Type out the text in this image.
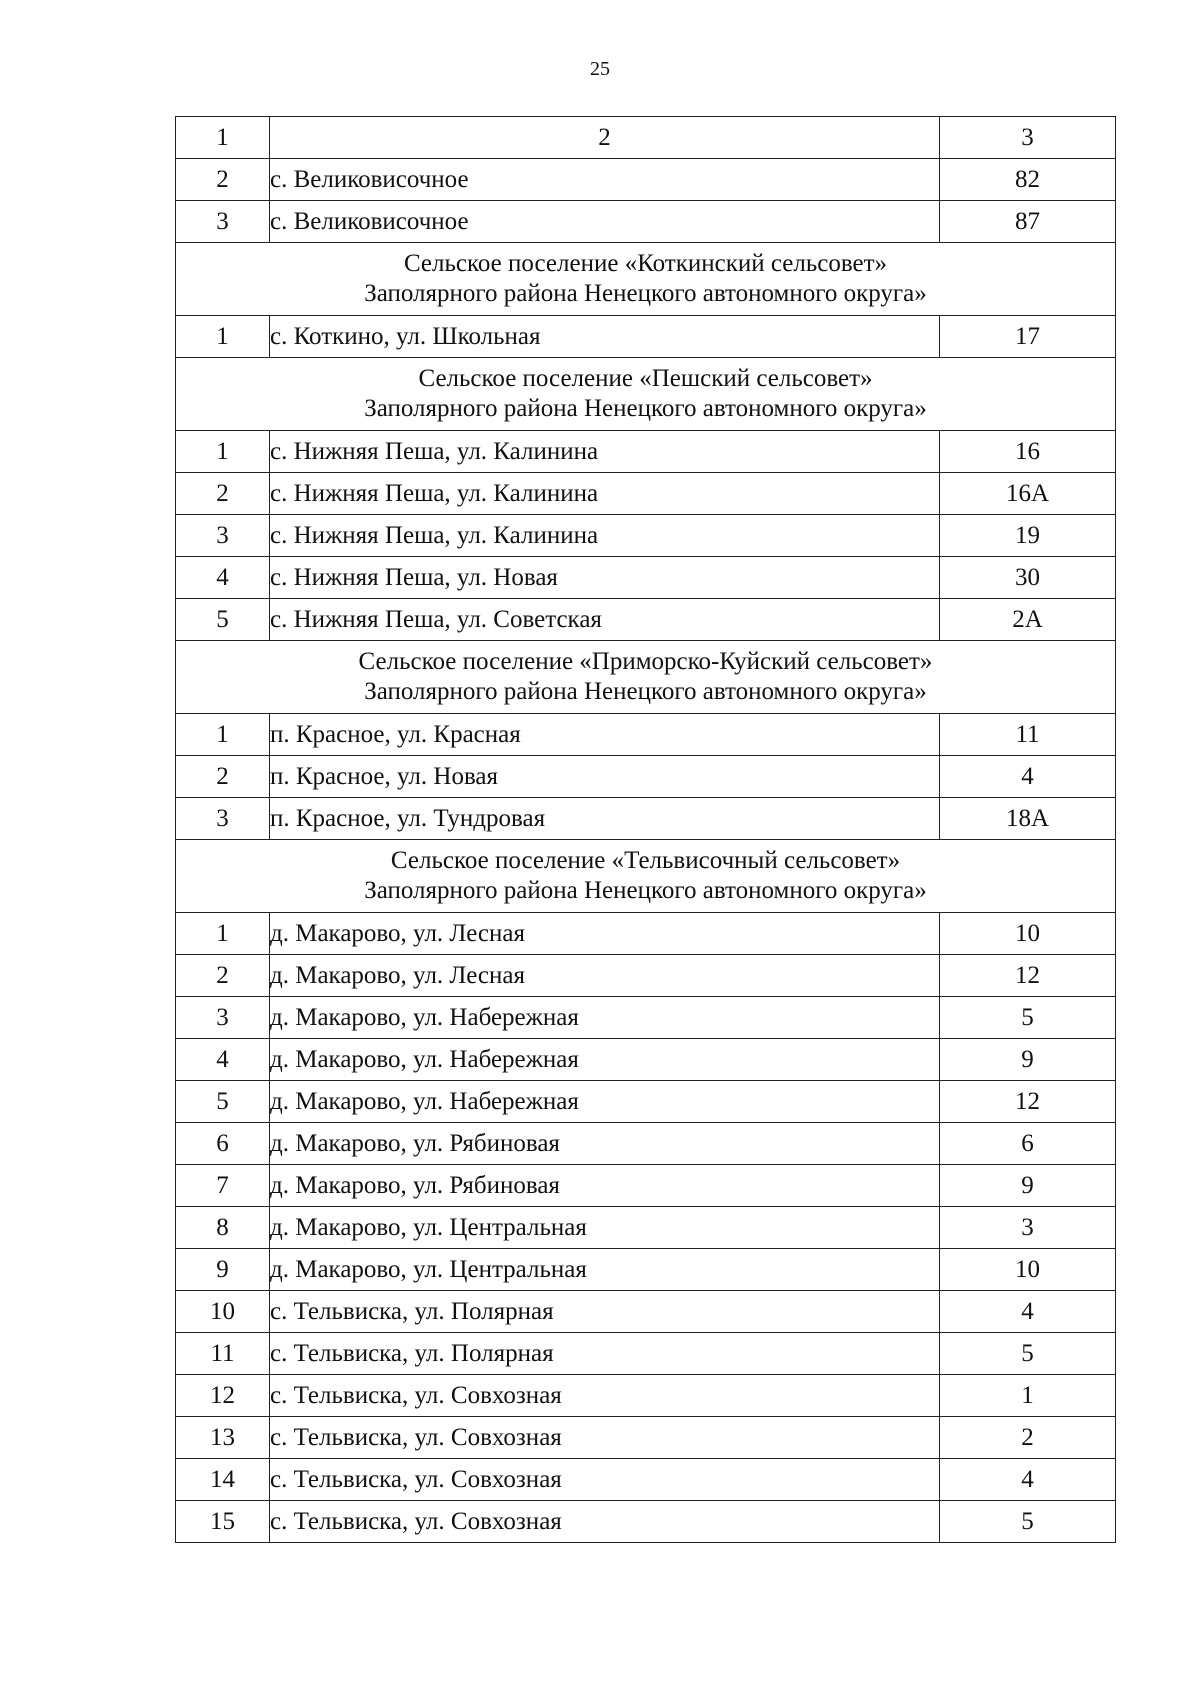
25
1	2	3
2	с. Великовисочное	82
3	с. Великовисочное	87

Сельское поселение «Коткинский сельсовет»
Заполярного района Ненецкого автономного округа»		

1	с. Коткино, ул. Школьная	17

Сельское поселение «Пешский сельсовет»
Заполярного района Ненецкого автономного округа»		

1	с. Нижняя Пеша, ул. Калинина	16
2	с. Нижняя Пеша, ул. Калинина	16А
3	с. Нижняя Пеша, ул. Калинина	19
4	с. Нижняя Пеша, ул. Новая	30
5	с. Нижняя Пеша, ул. Советская	2А

Сельское поселение «Приморско-Куйский сельсовет»
Заполярного района Ненецкого автономного округа»		

1	п. Красное, ул. Красная	11
2	п. Красное, ул. Новая	4
3	п. Красное, ул. Тундровая	18А

Сельское поселение «Тельвисочный сельсовет»
Заполярного района Ненецкого автономного округа»		

1	д. Макарово, ул. Лесная	10
2	д. Макарово, ул. Лесная	12
3	д. Макарово, ул. Набережная	5
4	д. Макарово, ул. Набережная	9
5	д. Макарово, ул. Набережная	12
6	д. Макарово, ул. Рябиновая	6
7	д. Макарово, ул. Рябиновая	9
8	д. Макарово, ул. Центральная	3
9	д. Макарово, ул. Центральная	10
10	с. Тельвиска, ул. Полярная	4
11	с. Тельвиска, ул. Полярная	5
12	с. Тельвиска, ул. Совхозная	1
13	с. Тельвиска, ул. Совхозная	2
14	с. Тельвиска, ул. Совхозная	4
15	с. Тельвиска, ул. Совхозная	5
